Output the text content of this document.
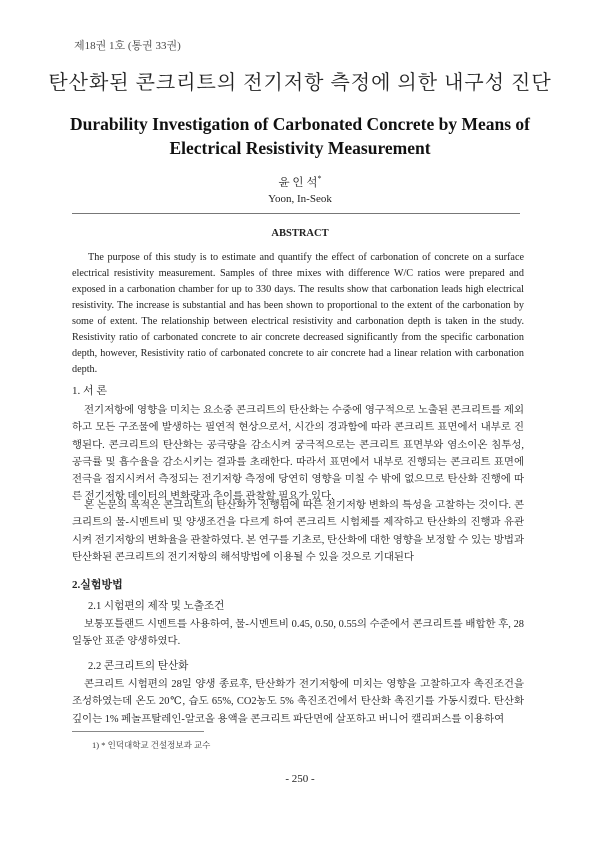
제18권 1호 (통권 33권)
탄산화된 콘크리트의 전기저항 측정에 의한 내구성 진단
Durability Investigation of Carbonated Concrete by Means of Electrical Resistivity Measurement
윤 인 석*
Yoon, In-Seok
ABSTRACT

The purpose of this study is to estimate and quantify the effect of carbonation of concrete on a surface electrical resistivity measurement. Samples of three mixes with difference W/C ratios were prepared and exposed in a carbonation chamber for up to 330 days. The results show that carbonation leads high electrical resistivity. The increase is substantial and has been shown to proportional to the extent of the carbonation by some of extent. The relationship between electrical resistivity and carbonation depth is taken in the study. Resistivity ratio of carbonated concrete to air concrete decreased significantly from the specific carbonation depth, however, Resistivity ratio of carbonated concrete to air concrete had a linear relation with carbonation depth.

1. 서 론

전기저항에 영향을 미치는 요소중 콘크리트의 탄산화는 수중에 영구적으로 노출된 콘크리트를 제외하고 모든 구조물에 발생하는 필연적 현상으로서, 시간의 경과함에 따라 콘크리트 표면에서 내부로 진행된다. 콘크리트의 탄산화는 공극량을 감소시켜 궁극적으로는 콘크리트 표면부와 염소이온 침투성, 공극률 및 흡수율을 감소시키는 결과를 초래한다. 따라서 표면에서 내부로 진행되는 콘크리트 표면에 전극을 접지시켜서 측정되는 전기저항 측정에 당연히 영향을 미칠 수 밖에 없으므로 탄산화 진행에 따른 전기저항 데이터의 변화량과 추이를 관찰할 필요가 있다.

본 논문의 목적은 콘크리트의 탄산화가 진행됨에 따른 전기저항 변화의 특성을 고찰하는 것이다. 콘크리트의 물-시멘트비 및 양생조건을 다르게 하여 콘크리트 시험체를 제작하고 탄산화의 진행과 유관시켜 전기저항의 변화율을 관찰하였다. 본 연구를 기초로, 탄산화에 대한 영향을 보정할 수 있는 방법과 탄산화된 콘크리트의 전기저항의 해석방법에 이용될 수 있을 것으로 기대된다

2.실험방법
2.1 시험편의 제작 및 노출조건

보통포틀랜드 시멘트를 사용하여, 물-시멘트비 0.45, 0.50, 0.55의 수준에서 콘크리트를 배합한 후, 28일동안 표준 양생하였다.

2.2 콘크리트의 탄산화

콘크리트 시험편의 28일 양생 종료후, 탄산화가 전기저항에 미치는 영향을 고찰하고자 촉진조건을 조성하였는데 온도 20℃, 습도 65%, CO2농도 5% 촉진조건에서 탄산화 촉진기를 가동시켰다. 탄산화 깊이는 1% 페놀프탈레인-알코올 용액을 콘크리트 파단면에 살포하고 버니어 캘리퍼스를 이용하여

1) * 인덕대학교 건설정보과 교수
- 250 -
